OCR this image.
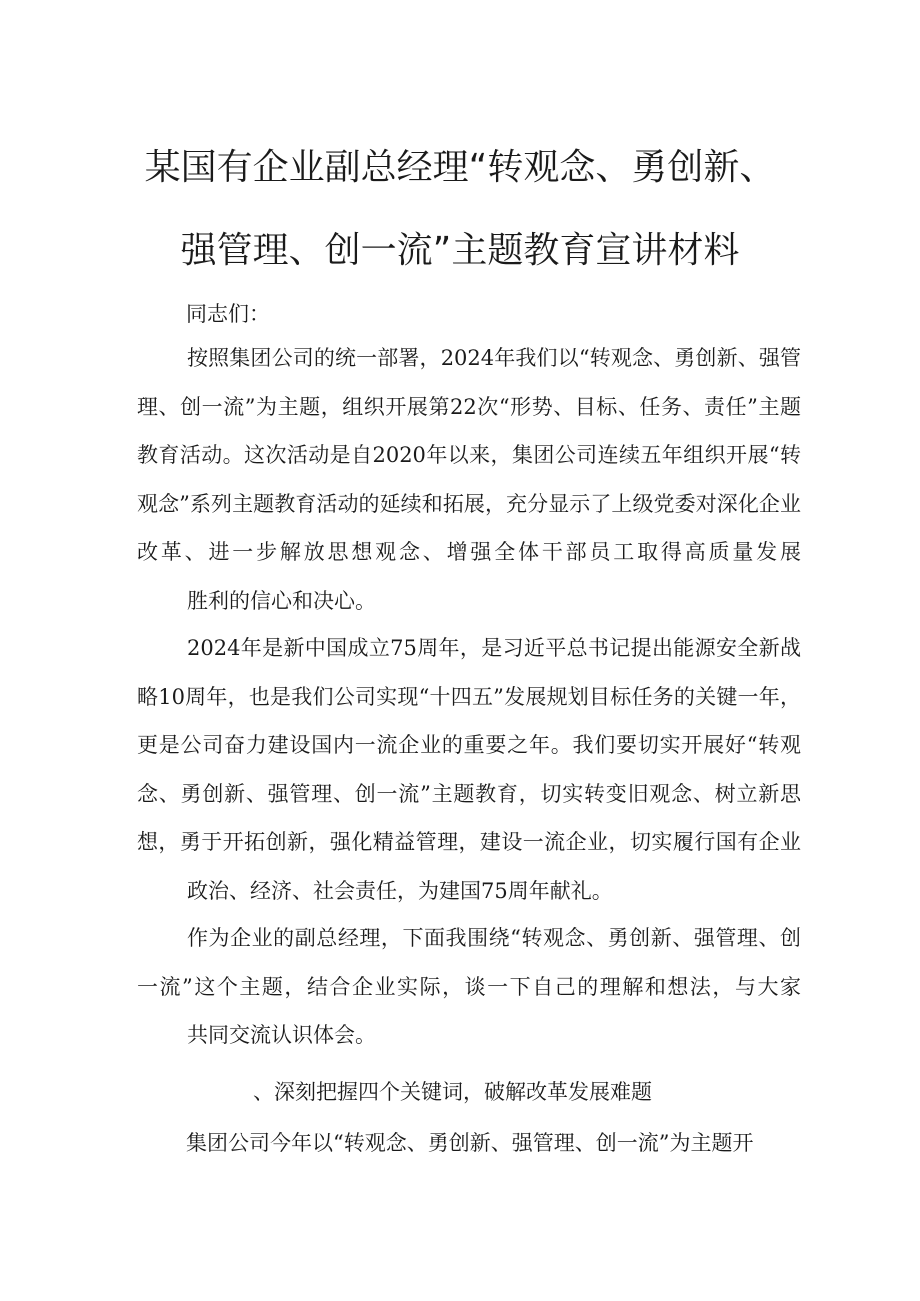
某国有企业副总经理“转观念、勇创新、
强管理、创一流”主题教育宣讲材料

同志们：

按照集团公司的统一部署，2024年我们以“转观念、勇创新、强管理、创一流”为主题，组织开展第22次“形势、目标、任务、责任”主题教育活动。这次活动是自2020年以来，集团公司连续五年组织开展“转观念”系列主题教育活动的延续和拓展，充分显示了上级党委对深化企业改革、进一步解放思想观念、增强全体干部员工取得高质量发展
胜利的信心和决心。

2024年是新中国成立75周年，是习近平总书记提出能源安全新战略10周年，也是我们公司实现“十四五”发展规划目标任务的关键一年，更是公司奋力建设国内一流企业的重要之年。我们要切实开展好“转观念、勇创新、强管理、创一流”主题教育，切实转变旧观念、树立新思想，勇于开拓创新，强化精益管理，建设一流企业，切实履行国有企业
政治、经济、社会责任，为建国75周年献礼。

作为企业的副总经理，下面我围绕“转观念、勇创新、强管理、创一流”这个主题，结合企业实际，谈一下自己的理解和想法，与大家
共同交流认识体会。

、深刻把握四个关键词，破解改革发展难题

集团公司今年以“转观念、勇创新、强管理、创一流”为主题开
